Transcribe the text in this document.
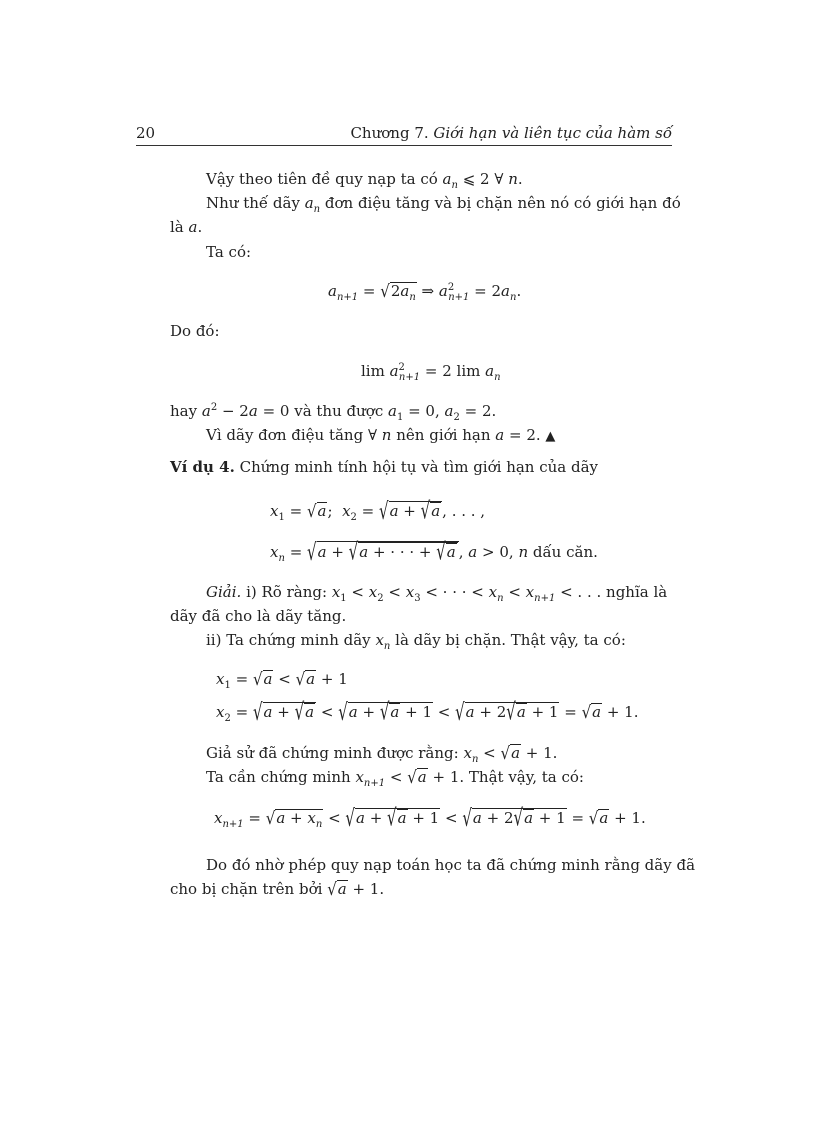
20	Chương 7. Giới hạn và liên tục của hàm số
Vậy theo tiên đề quy nạp ta có $a_n$ ⩽ 2 ∀ n.
Như thế dãy $a_n$ đơn điệu tăng và bị chặn nên nó có giới hạn đó
là a.
Ta có:
$a_{n+1} = √2a_n$ ⇒ $a^2_{n+1} = 2a_n$.
Do đó:
$\lim a^2_{n+1} = 2$ $\lim a_n$
hay $a^2 - 2a = 0$ và thu được $a_1 = 0$, $a_2 = 2$.
Vì dãy đơn điệu tăng ∀ n nên giới hạn a = 2. ▲
Ví dụ 4. Chứng minh tính hội tụ và tìm giới hạn của dãy
$x_1 = √a$;  $x_2 = √a + √a$ , . . . ,
$x_n = √a + √a$ + · · · + √a , a > 0, n dấu căn.
Giải. i) Rõ ràng: $x_1 < x_2 < x_3$ < · · · < $x_n < x_{n+1}$ < . . . nghĩa là
dãy đã cho là dãy tăng.
ii) Ta chứng minh dãy $x_n$ là dãy bị chặn. Thật vậy, ta có:
$x_1 = √a < √a + 1$
$x_2 = √a + √a < √a + √a + 1 < √a + 2√a + 1 = √a + 1$.
Giả sử đã chứng minh được rằng: $x_n < √a + 1$.
Ta cần chứng minh $x_{n+1} < √a + 1$. Thật vậy, ta có:
$x_{n+1} = √a + x_n < √a + √a + 1 < √a + 2√a + 1 = √a + 1$.
Do đó nhờ phép quy nạp toán học ta đã chứng minh rằng dãy đã
cho bị chặn trên bởi √a + 1.
